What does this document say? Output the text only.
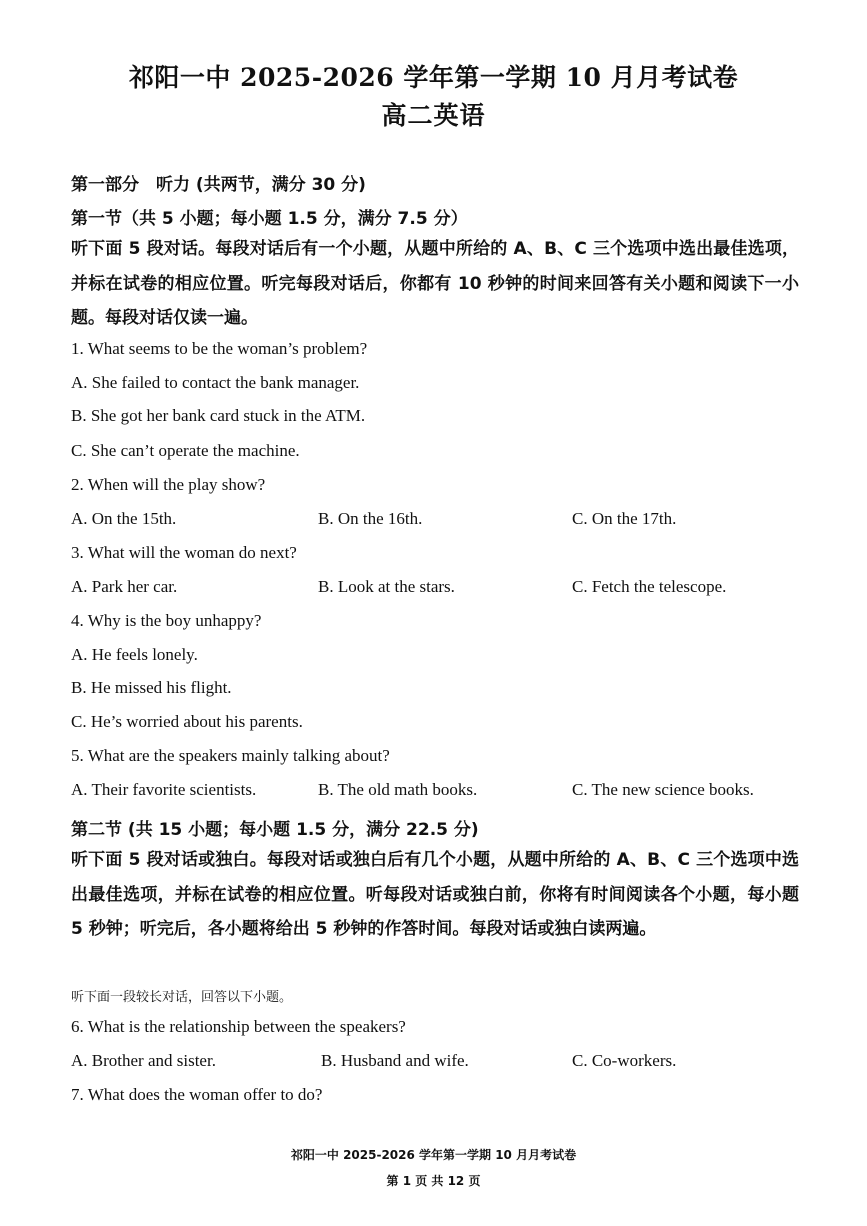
祁阳一中 2025-2026 学年第一学期 10 月月考试卷
高二英语
第一部分　听力 (共两节，满分 30 分)
第一节（共 5 小题；每小题 1.5 分，满分 7.5 分）
听下面 5 段对话。每段对话后有一个小题，从题中所给的 A、B、C 三个选项中选出最佳选项，并标在试卷的相应位置。听完每段对话后，你都有 10 秒钟的时间来回答有关小题和阅读下一小题。每段对话仅读一遍。
1. What seems to be the woman’s problem?
A. She failed to contact the bank manager.
B. She got her bank card stuck in the ATM.
C. She can’t operate the machine.
2. When will the play show?
A. On the 15th.	B. On the 16th.	C. On the 17th.
3. What will the woman do next?
A. Park her car.	B. Look at the stars.	C. Fetch the telescope.
4. Why is the boy unhappy?
A. He feels lonely.
B. He missed his flight.
C. He’s worried about his parents.
5. What are the speakers mainly talking about?
A. Their favorite scientists.	B. The old math books.	C. The new science books.
第二节 (共 15 小题；每小题 1.5 分，满分 22.5 分)
听下面 5 段对话或独白。每段对话或独白后有几个小题，从题中所给的 A、B、C 三个选项中选出最佳选项，并标在试卷的相应位置。听每段对话或独白前，你将有时间阅读各个小题，每小题 5 秒钟；听完后，各小题将给出 5 秒钟的作答时间。每段对话或独白读两遍。
听下面一段较长对话，回答以下小题。
6. What is the relationship between the speakers?
A. Brother and sister.	B. Husband and wife.	C. Co-workers.
7. What does the woman offer to do?
祁阳一中 2025-2026 学年第一学期 10 月月考试卷
第 1 页 共 12 页
